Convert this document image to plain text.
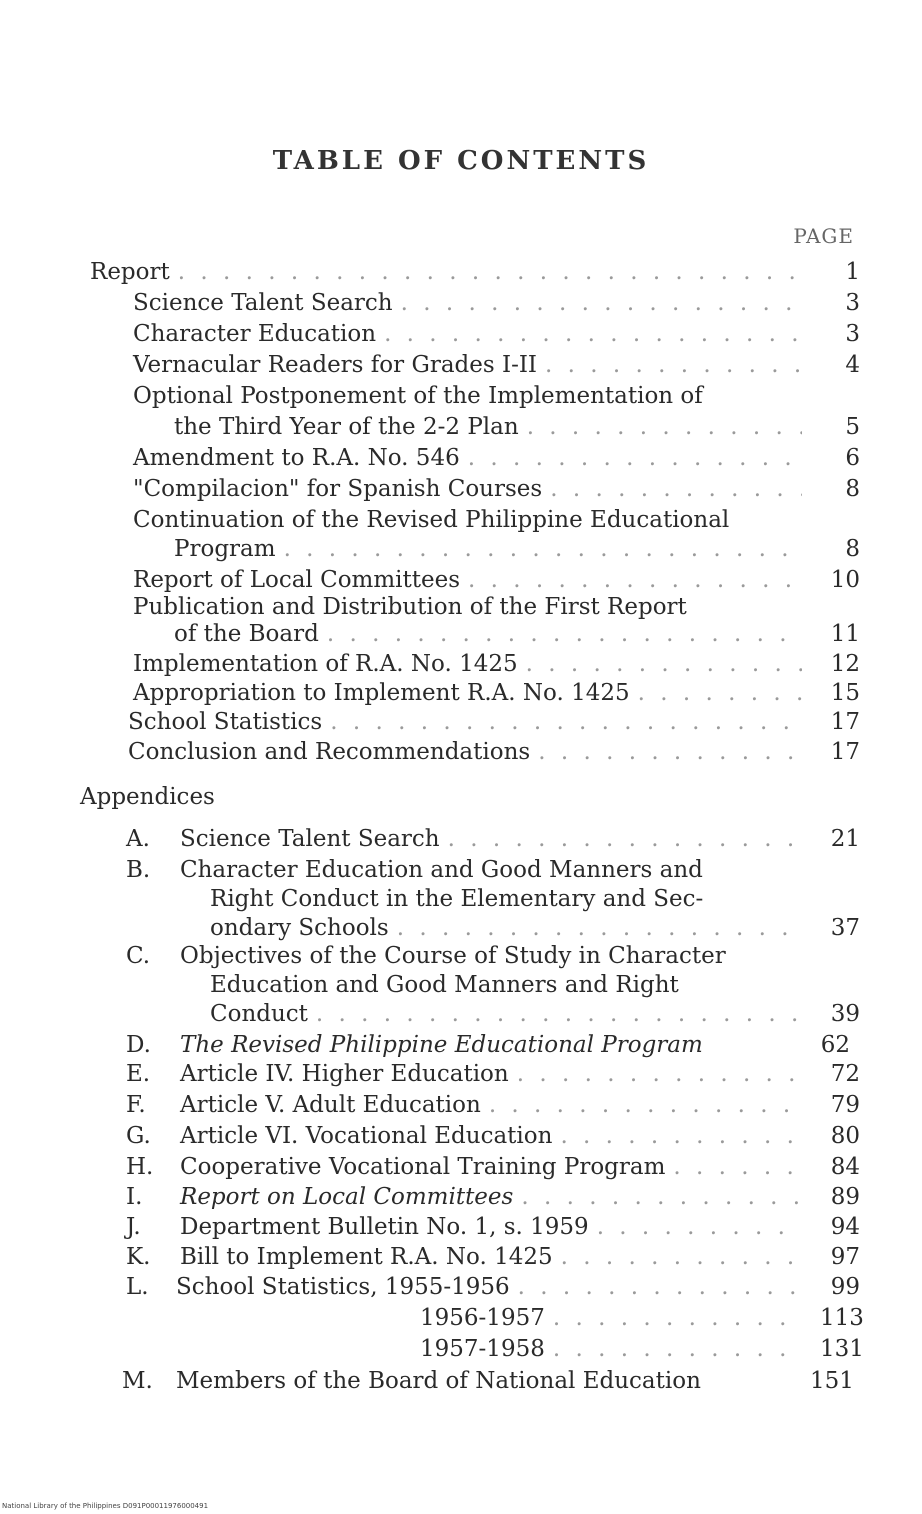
TABLE OF CONTENTS
PAGE
Report . . .	1
Science Talent Search . . .	3
Character Education . . .	3
Vernacular Readers for Grades I-II . . .	4
Optional Postponement of the Implementation of
the Third Year of the 2-2 Plan . . .	5
Amendment to R.A. No. 546 . . .	6
"Compilacion" for Spanish Courses . . .	8
Continuation of the Revised Philippine Educational
Program . . .	8
Report of Local Committees . . .	10
Publication and Distribution of the First Report
of the Board . . .	11
Implementation of R.A. No. 1425 . . .	12
Appropriation to Implement R.A. No. 1425 . . .	15
School Statistics . . .	17
Conclusion and Recommendations . . .	17
Appendices
A. Science Talent Search . . .	21
B. Character Education and Good Manners and
Right Conduct in the Elementary and Sec-
ondary Schools . . .	37
C. Objectives of the Course of Study in Character
Education and Good Manners and Right
Conduct . . .	39
D. The Revised Philippine Educational Program	62
E. Article IV. Higher Education . . .	72
F. Article V. Adult Education . . .	79
G. Article VI. Vocational Education . . .	80
H. Cooperative Vocational Training Program . . .	84
I. Report on Local Committees . . .	89
J. Department Bulletin No. 1, s. 1959 . . .	94
K. Bill to Implement R.A. No. 1425 . . .	97
L. School Statistics, 1955-1956 . . .	99
1956-1957 . . .	113
1957-1958 . . .	131
M. Members of the Board of National Education	151
National Library of the Philippines D091P00011976000491
